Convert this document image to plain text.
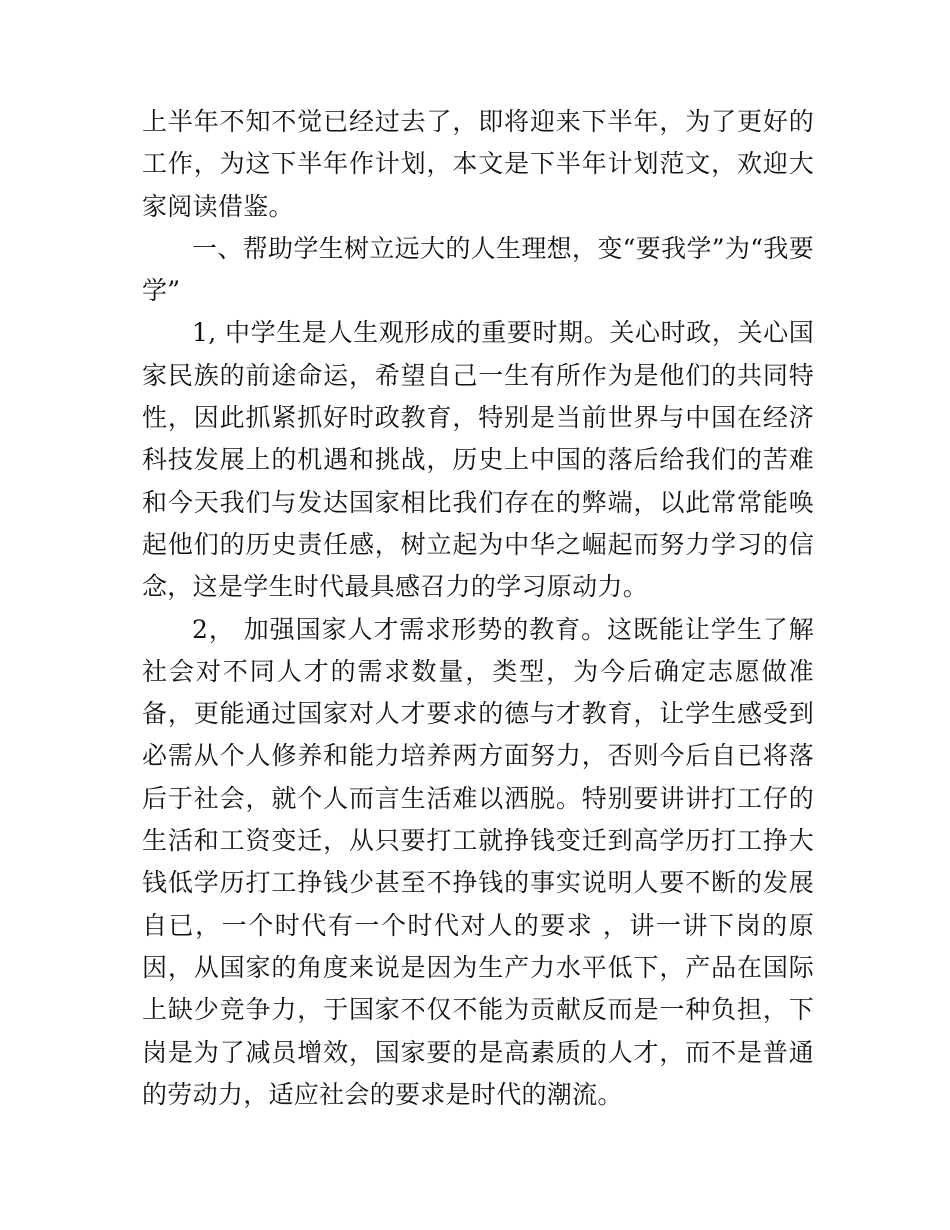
上半年不知不觉已经过去了，即将迎来下半年，为了更好的工作，为这下半年作计划，本文是下半年计划范文，欢迎大家阅读借鉴。

一、帮助学生树立远大的人生理想，变“要我学”为“我要学”

1, 中学生是人生观形成的重要时期。关心时政，关心国家民族的前途命运，希望自己一生有所作为是他们的共同特性，因此抓紧抓好时政教育，特别是当前世界与中国在经济科技发展上的机遇和挑战，历史上中国的落后给我们的苦难和今天我们与发达国家相比我们存在的弊端，以此常常能唤起他们的历史责任感，树立起为中华之崛起而努力学习的信念，这是学生时代最具感召力的学习原动力。

2， 加强国家人才需求形势的教育。这既能让学生了解社会对不同人才的需求数量，类型，为今后确定志愿做准备，更能通过国家对人才要求的德与才教育，让学生感受到必需从个人修养和能力培养两方面努力，否则今后自已将落后于社会，就个人而言生活难以洒脱。特别要讲讲打工仔的生活和工资变迁，从只要打工就挣钱变迁到高学历打工挣大钱低学历打工挣钱少甚至不挣钱的事实说明人要不断的发展自已，一个时代有一个时代对人的要求 ，讲一讲下岗的原因，从国家的角度来说是因为生产力水平低下，产品在国际上缺少竞争力，于国家不仅不能为贡献反而是一种负担，下岗是为了减员增效，国家要的是高素质的人才，而不是普通的劳动力，适应社会的要求是时代的潮流。
